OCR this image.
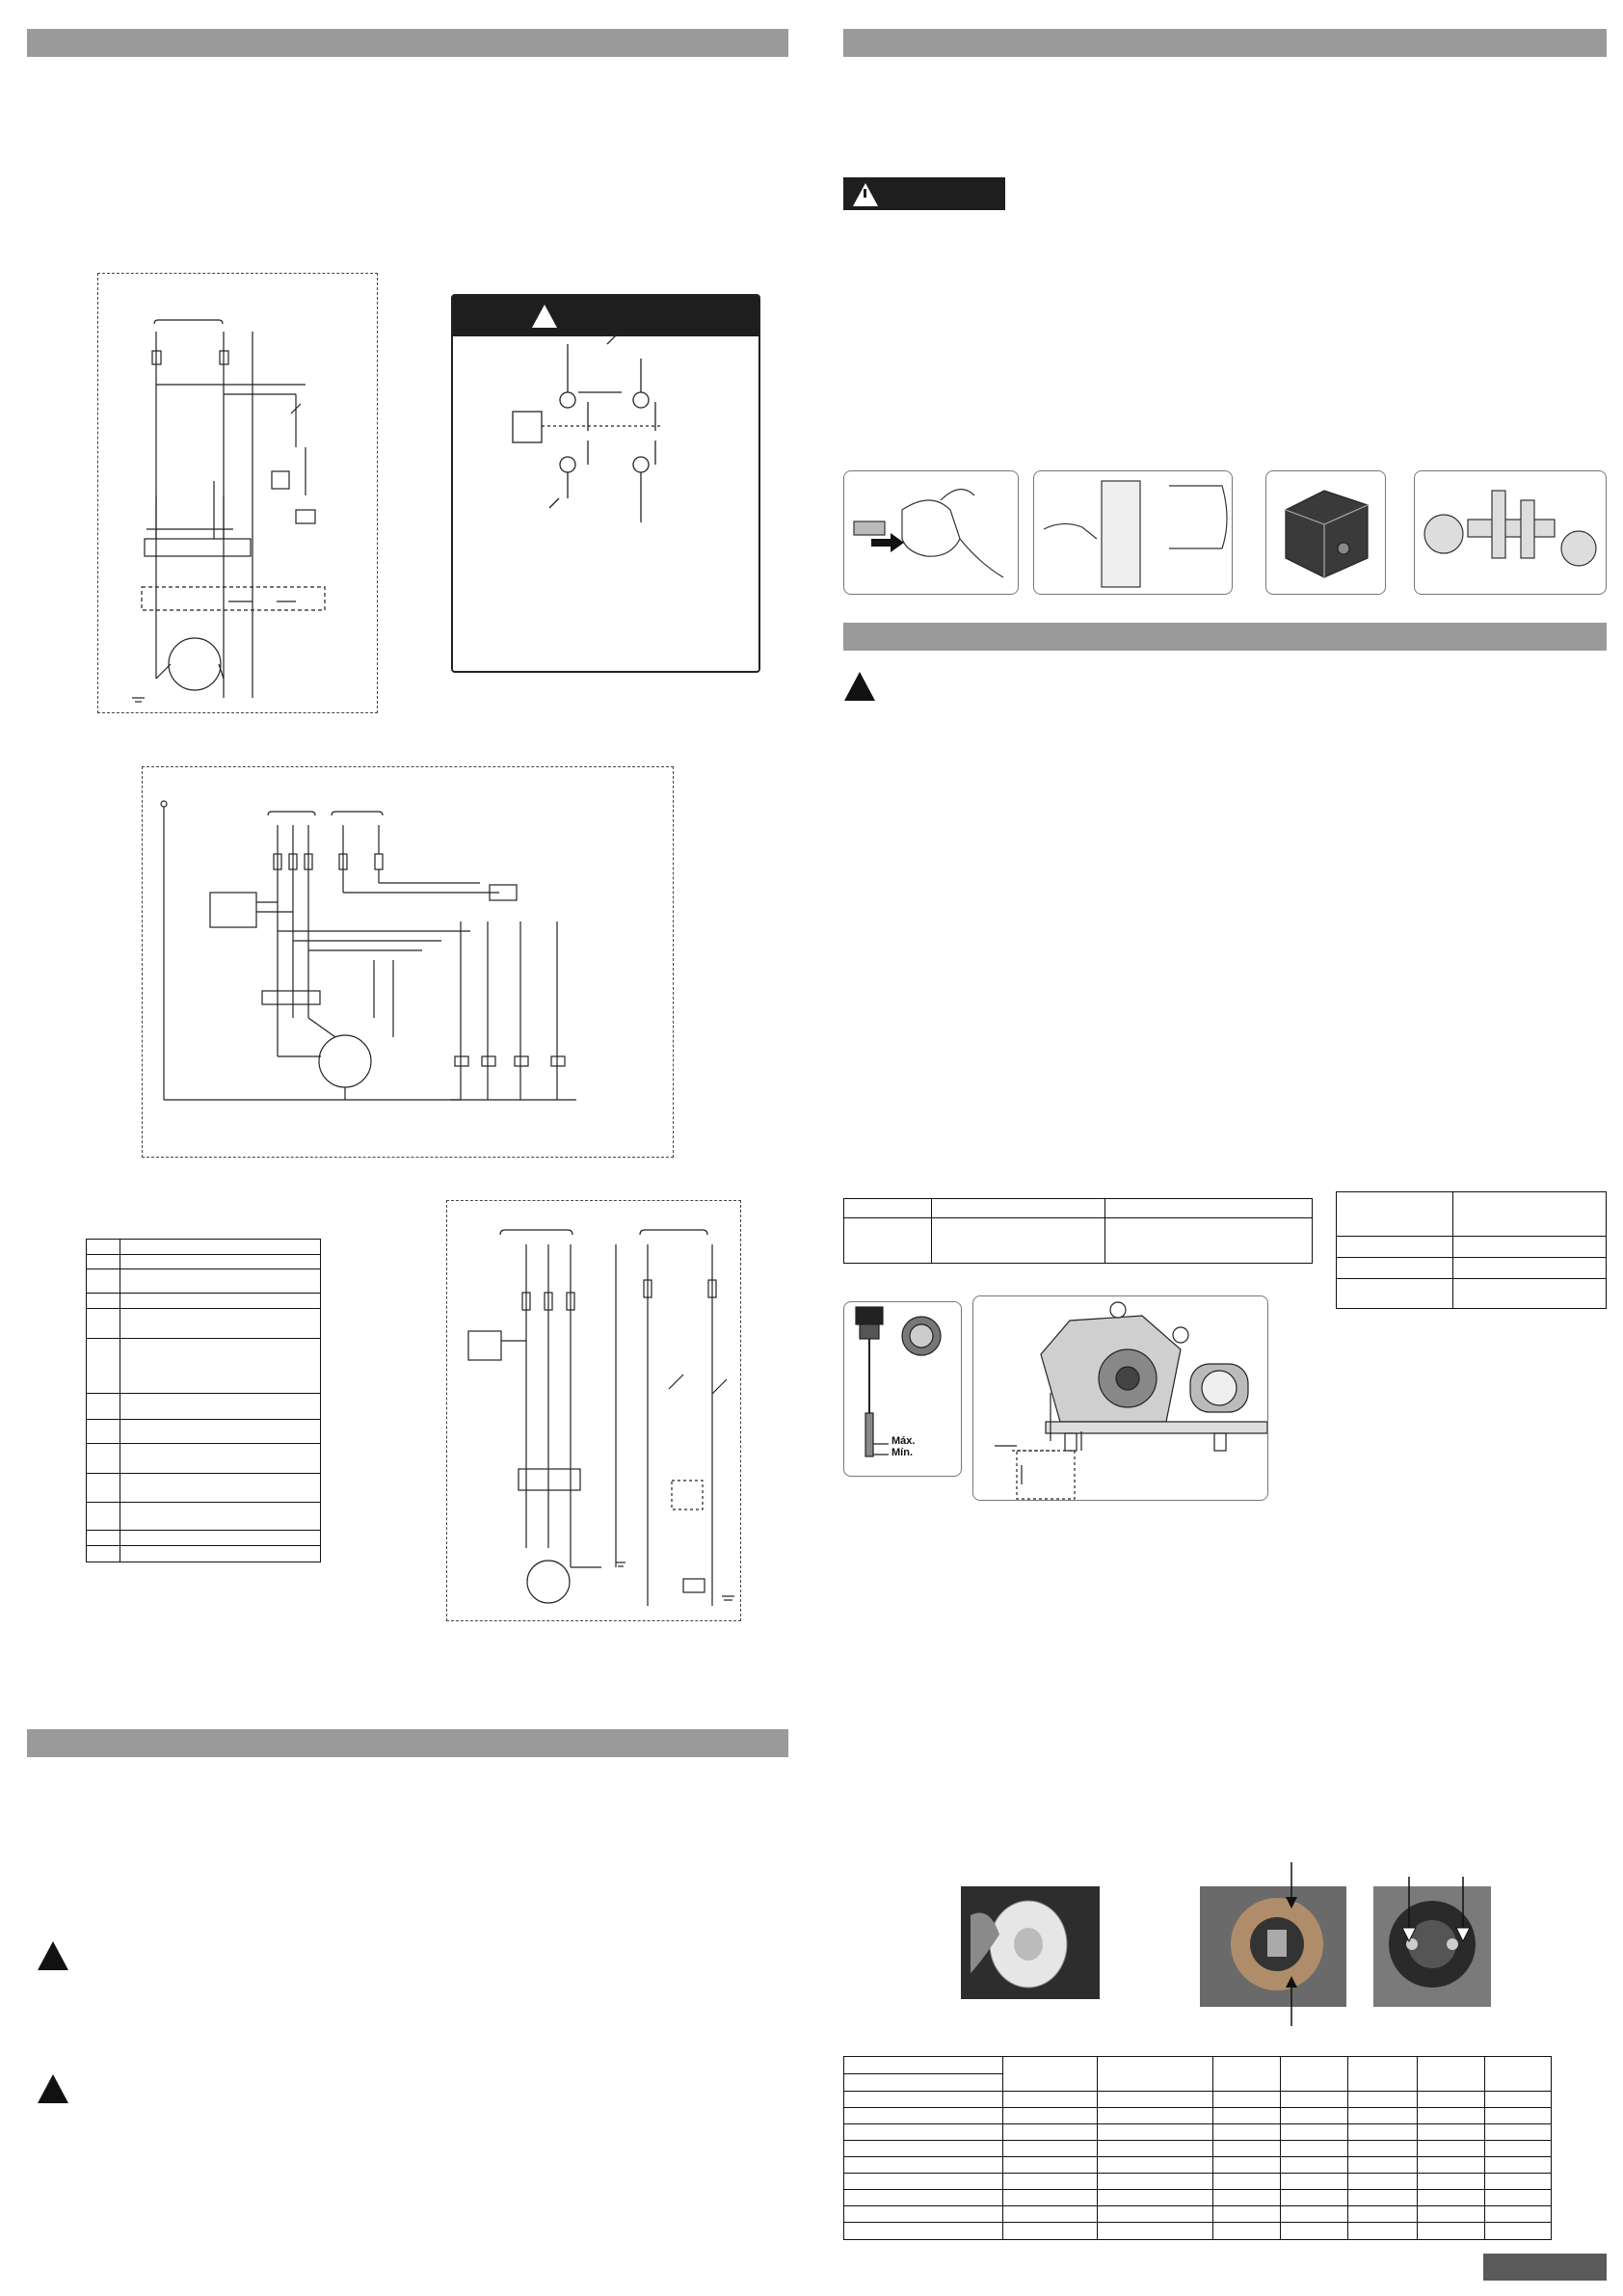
Máx.
Mín.
